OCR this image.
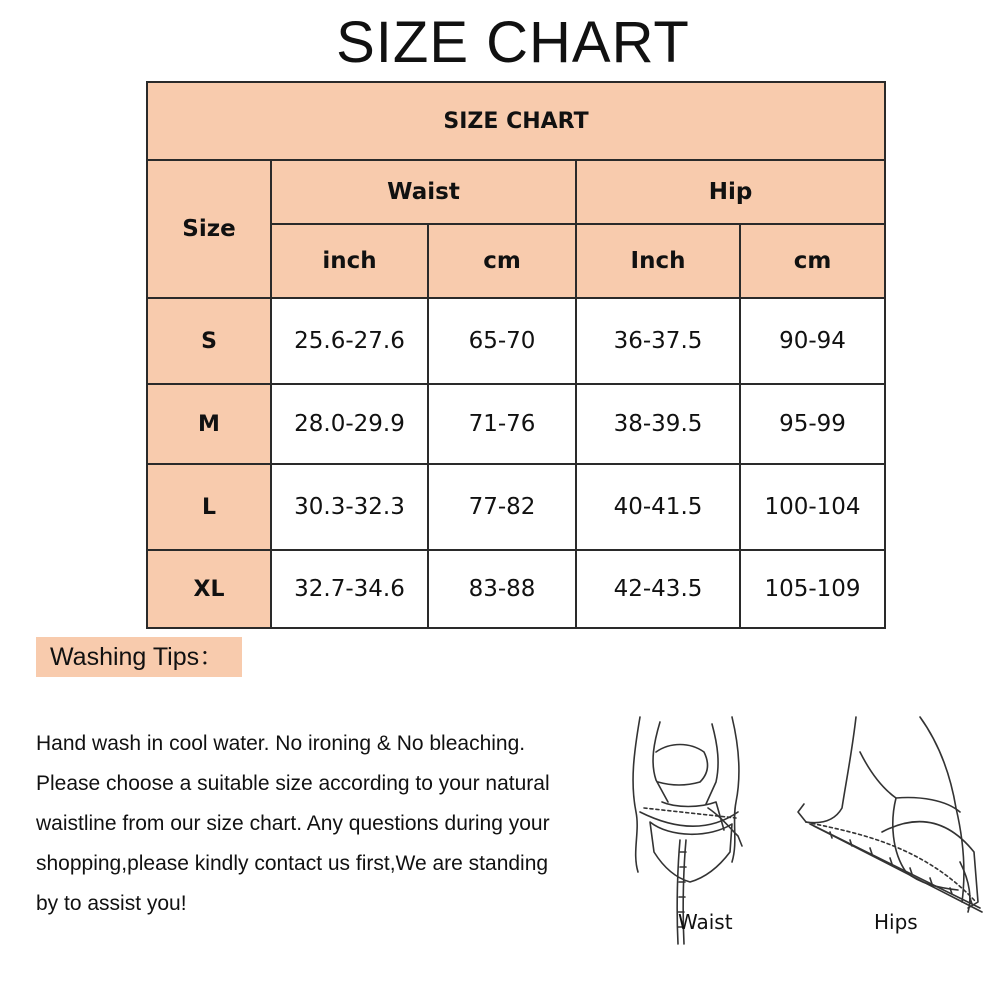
SIZE CHART
SIZE CHART				
Size	Waist		Hip	
	inch	cm	Inch	cm
S	25.6-27.6	65-70	36-37.5	90-94
M	28.0-29.9	71-76	38-39.5	95-99
L	30.3-32.3	77-82	40-41.5	100-104
XL	32.7-34.6	83-88	42-43.5	105-109
Washing Tips：
Hand wash in cool water. No ironing & No bleaching.
Please choose a suitable size according to your natural
waistline from our size chart. Any questions during your
shopping,please kindly contact us first,We are standing
by to assist you!
Waist	Hips
